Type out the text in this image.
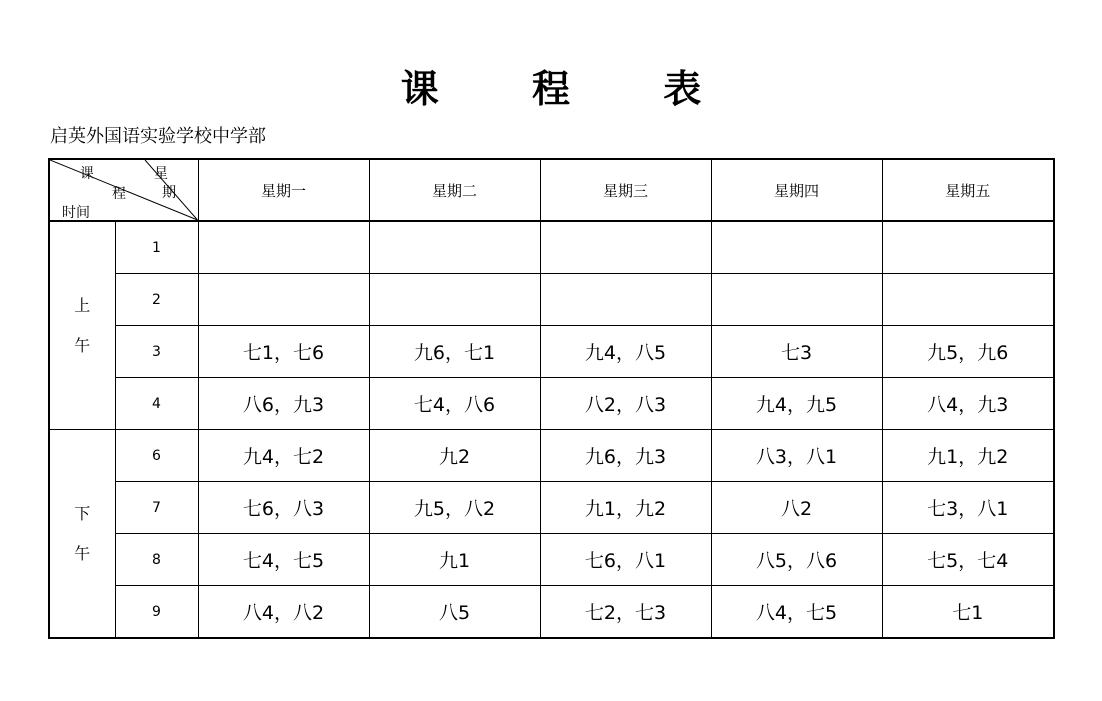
课 程 表
启英外国语实验学校中学部
课
程
星
期
时间		星期一	星期二	星期三	星期四	星期五

上
午	1					
	2					
	3	七1，七6	九6，七1	九4，八5	七3	九5，九6
	4	八6，九3	七4，八6	八2，八3	九4，九5	八4，九3

下
午	6	九4，七2	九2	九6，九3	八3，八1	九1，九2
	7	七6，八3	九5，八2	九1，九2	八2	七3，八1
	8	七4，七5	九1	七6，八1	八5，八6	七5，七4
	9	八4，八2	八5	七2，七3	八4，七5	七1
